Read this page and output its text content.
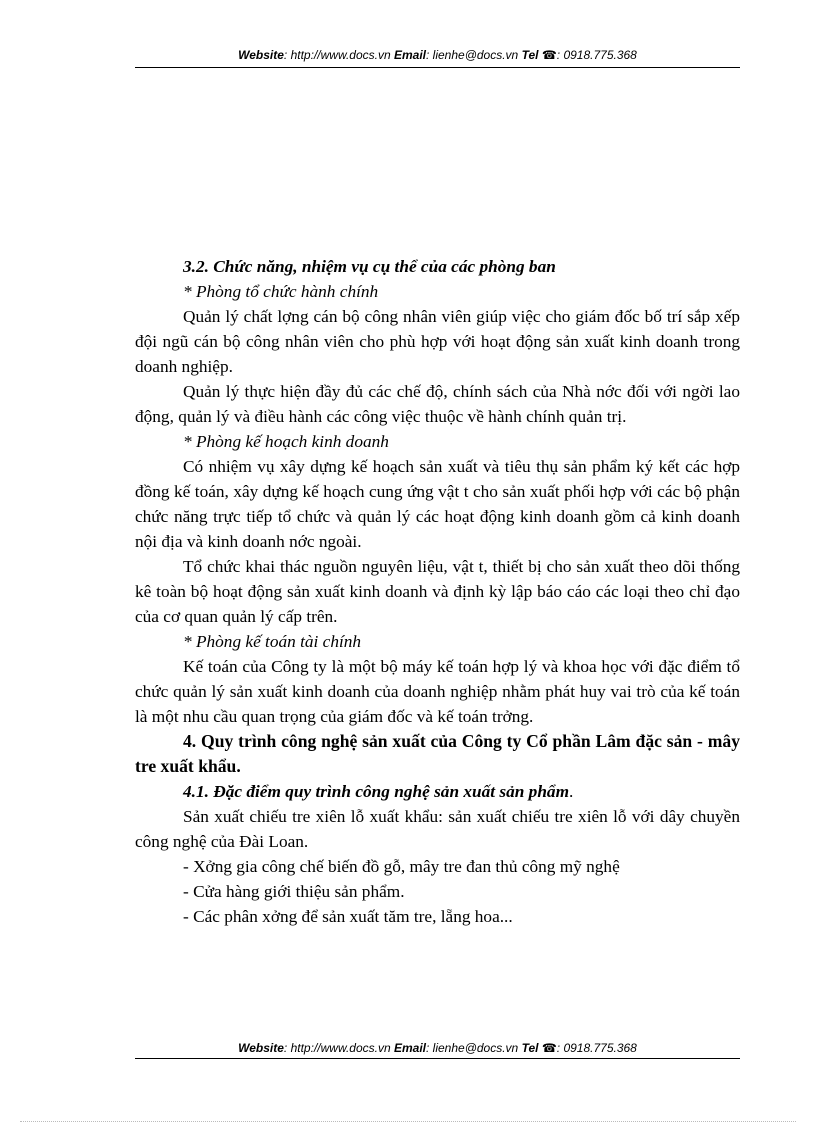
Website: http://www.docs.vn Email: lienhe@docs.vn Tel ☎: 0918.775.368

3.2. Chức năng, nhiệm vụ cụ thể của các phòng ban

* Phòng tổ chức hành chính

Quản lý chất lợng cán bộ công nhân viên giúp việc cho giám đốc bố trí sắp xếp đội ngũ cán bộ công nhân viên cho phù hợp với hoạt động sản xuất kinh doanh trong doanh nghiệp.

Quản lý thực hiện đầy đủ các chế độ, chính sách của Nhà nớc đối với ngời lao động, quản lý và điều hành các công việc thuộc về hành chính quản trị.

* Phòng kế hoạch kinh doanh

Có nhiệm vụ xây dựng kế hoạch sản xuất và tiêu thụ sản phẩm ký kết các hợp đồng kế toán, xây dựng kế hoạch cung ứng vật t cho sản xuất phối hợp với các bộ phận chức năng trực tiếp tổ chức và quản lý các hoạt động kinh doanh gồm cả kinh doanh nội địa và kinh doanh nớc ngoài.

Tổ chức khai thác nguồn nguyên liệu, vật t, thiết bị cho sản xuất theo dõi thống kê toàn bộ hoạt động sản xuất kinh doanh và định kỳ lập báo cáo các loại theo chỉ đạo của cơ quan quản lý cấp trên.

* Phòng kế toán tài chính

Kế toán của Công ty là một bộ máy kế toán hợp lý và khoa học với đặc điểm tổ chức quản lý sản xuất kinh doanh của doanh nghiệp nhằm phát huy vai trò của kế toán là một nhu cầu quan trọng của giám đốc và kế toán trởng.

4. Quy trình công nghệ sản xuất của Công ty Cổ phần Lâm đặc sản - mây tre xuất khẩu.

4.1. Đặc điểm quy trình công nghệ sản xuất sản phẩm.

Sản xuất chiếu tre xiên lỗ xuất khẩu: sản xuất chiếu tre xiên lỗ với dây chuyền công nghệ của Đài Loan.

- Xởng gia công chế biến đồ gỗ, mây tre đan thủ công mỹ nghệ

- Cửa hàng giới thiệu sản phẩm.

- Các phân xởng để sản xuất tăm tre, lẵng hoa...

Website: http://www.docs.vn Email: lienhe@docs.vn Tel ☎: 0918.775.368
